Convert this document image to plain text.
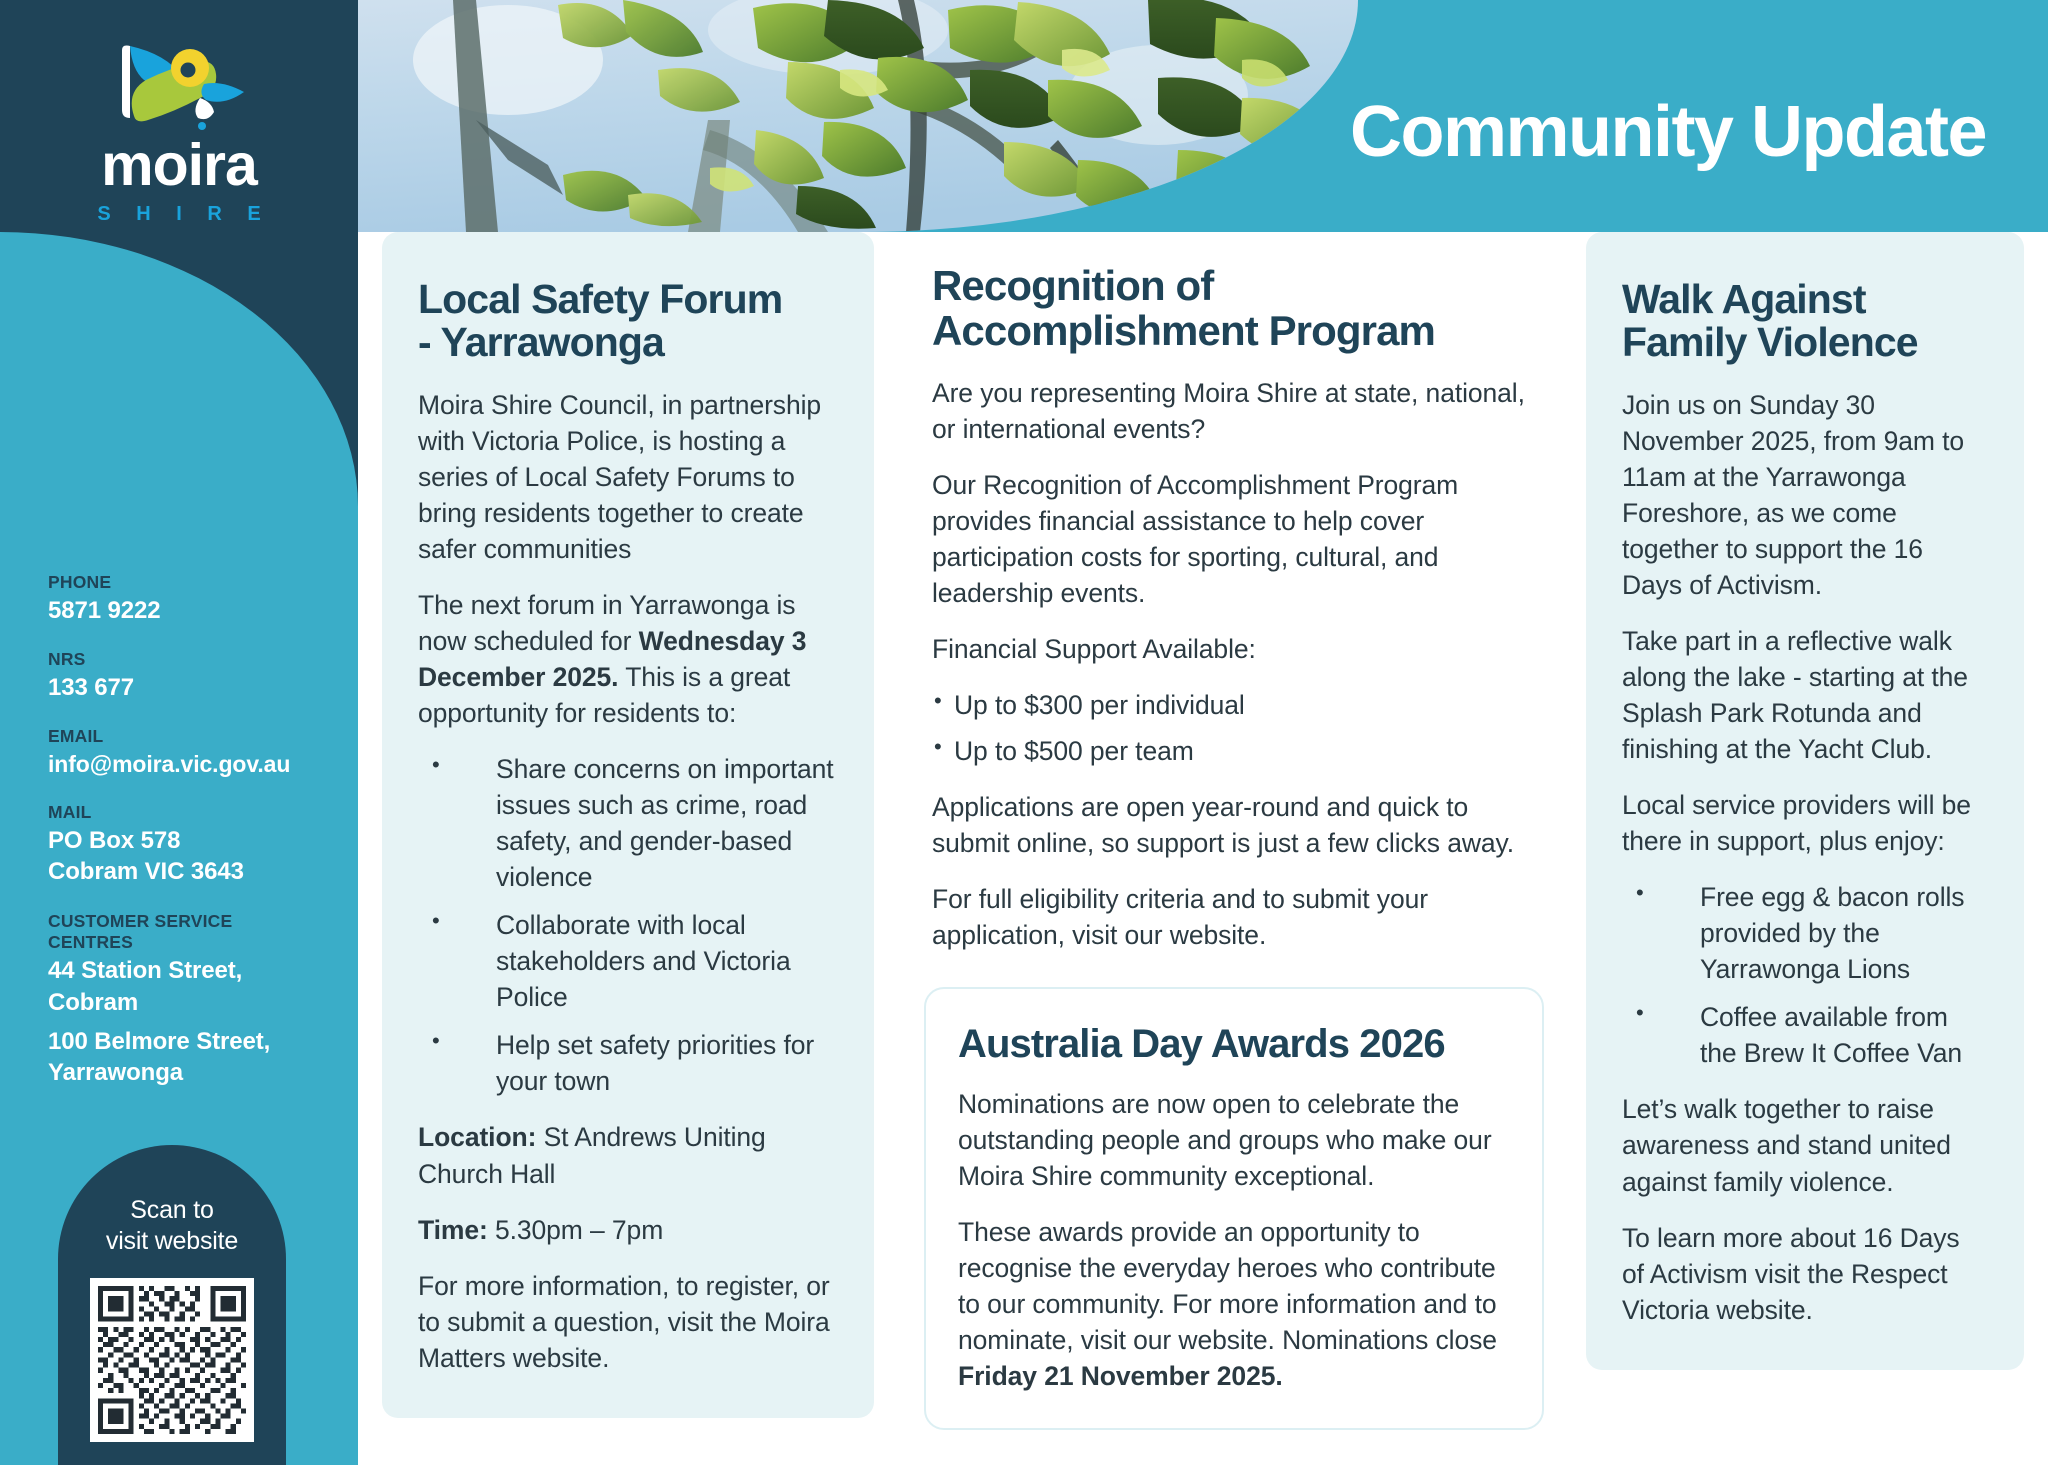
Community Update
moira
S H I R E
PHONE
5871 9222
NRS
133 677
EMAIL
info@moira.vic.gov.au
MAIL
PO Box 578
Cobram VIC 3643
CUSTOMER SERVICE
CENTRES
44 Station Street,
Cobram
100 Belmore Street,
Yarrawonga
Scan to
visit website
Local Safety Forum
- Yarrawonga

Moira Shire Council, in partnership with Victoria Police, is hosting a series of Local Safety Forums to bring residents together to create safer communities

The next forum in Yarrawonga is now scheduled for Wednesday 3 December 2025. This is a great opportunity for residents to:

• Share concerns on important issues such as crime, road safety, and gender-based violence
• Collaborate with local stakeholders and Victoria Police
• Help set safety priorities for your town

Location: St Andrews Uniting Church Hall

Time: 5.30pm – 7pm

For more information, to register, or to submit a question, visit the Moira Matters website.

Recognition of
Accomplishment Program

Are you representing Moira Shire at state, national, or international events?

Our Recognition of Accomplishment Program provides financial assistance to help cover participation costs for sporting, cultural, and leadership events.

Financial Support Available:

• Up to $300 per individual
• Up to $500 per team

Applications are open year-round and quick to submit online, so support is just a few clicks away.

For full eligibility criteria and to submit your application, visit our website.

Australia Day Awards 2026

Nominations are now open to celebrate the outstanding people and groups who make our Moira Shire community exceptional.

These awards provide an opportunity to recognise the everyday heroes who contribute to our community. For more information and to nominate, visit our website. Nominations close Friday 21 November 2025.

Walk Against
Family Violence

Join us on Sunday 30 November 2025, from 9am to 11am at the Yarrawonga Foreshore, as we come together to support the 16 Days of Activism.

Take part in a reflective walk along the lake - starting at the Splash Park Rotunda and finishing at the Yacht Club.

Local service providers will be there in support, plus enjoy:

• Free egg & bacon rolls provided by the Yarrawonga Lions
• Coffee available from the Brew It Coffee Van

Let’s walk together to raise awareness and stand united against family violence.

To learn more about 16 Days of Activism visit the Respect Victoria website.
